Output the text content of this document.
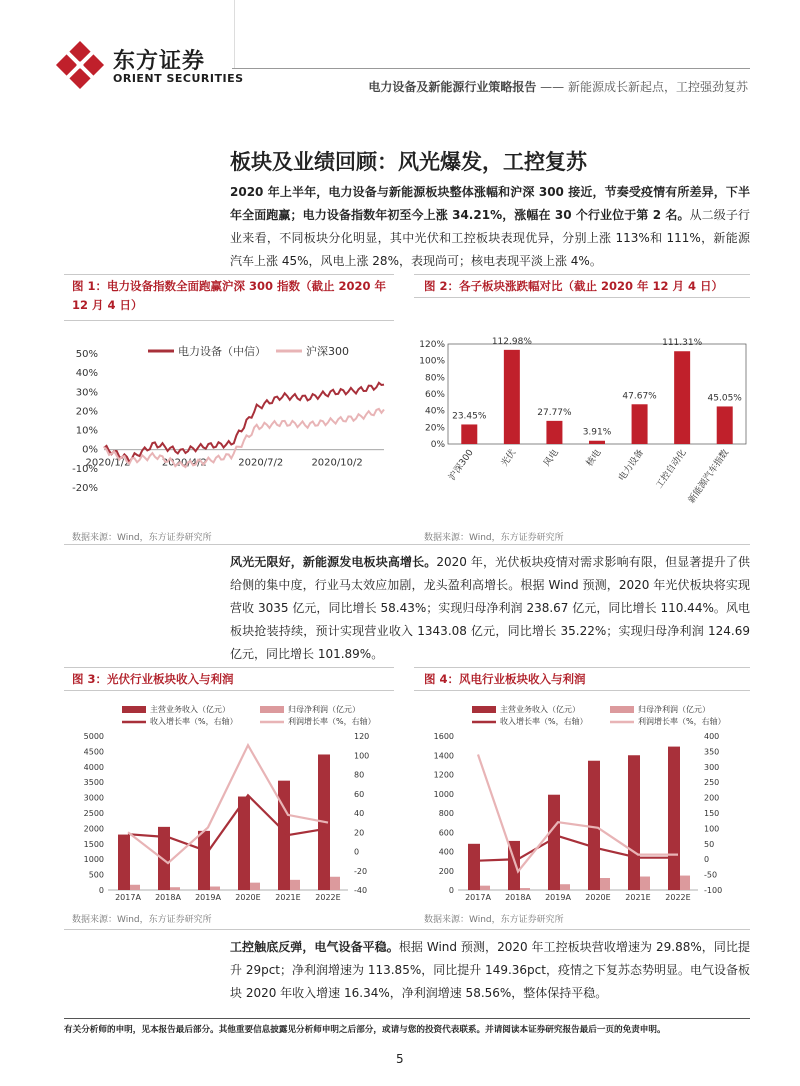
东方证券
ORIENT SECURITIES
电力设备及新能源行业策略报告 —— 新能源成长新起点，工控强劲复苏
板块及业绩回顾：风光爆发，工控复苏
2020 年上半年，电力设备与新能源板块整体涨幅和沪深 300 接近，节奏受疫情有所差异，下半年全面跑赢；电力设备指数年初至今上涨 34.21%，涨幅在 30 个行业位于第 2 名。从二级子行业来看，不同板块分化明显，其中光伏和工控板块表现优异，分别上涨 113%和 111%，新能源汽车上涨 45%，风电上涨 28%，表现尚可；核电表现平淡上涨 4%。
图 1：电力设备指数全面跑赢沪深 300 指数（截止 2020 年 12 月 4 日）
50%
40%
30%
20%
10%
0%
-10%
-20%
2020/1/2	2020/4/2	2020/7/2	2020/10/2
电力设备（中信）	沪深300
数据来源：Wind，东方证券研究所
图 2：各子板块涨跌幅对比（截止 2020 年 12 月 4 日）
120%
100%
80%
60%
40%
20%
0%
23.45%
沪深300
112.98%
光伏
27.77%
风电
3.91%
核电
47.67%
电力设备
111.31%
工控自动化
45.05%
新能源汽车指数
数据来源：Wind，东方证券研究所
风光无限好，新能源发电板块高增长。2020 年，光伏板块疫情对需求影响有限，但显著提升了供给侧的集中度，行业马太效应加剧，龙头盈利高增长。根据 Wind 预测，2020 年光伏板块将实现营收 3035 亿元，同比增长 58.43%；实现归母净利润 238.67 亿元，同比增长 110.44%。风电板块抢装持续，预计实现营业收入 1343.08 亿元，同比增长 35.22%；实现归母净利润 124.69 亿元，同比增长 101.89%。
图 3：光伏行业板块收入与利润
主营业务收入（亿元）	归母净利润（亿元）
收入增长率（%，右轴）	利润增长率（%，右轴）
5000
4500
4000
3500
3000
2500
2000
1500
1000
500
0
120
100
80
60
40
20
0
-20
-40
2017A 2018A 2019A 2020E 2021E 2022E
数据来源：Wind，东方证券研究所
图 4：风电行业板块收入与利润
主营业务收入（亿元）	归母净利润（亿元）
收入增长率（%，右轴）	利润增长率（%，右轴）
1600
1400
1200
1000
800
600
400
200
0
400
350
300
250
200
150
100
50
0
-50
-100
2017A 2018A 2019A 2020E 2021E 2022E
数据来源：Wind，东方证券研究所
工控触底反弹，电气设备平稳。根据 Wind 预测，2020 年工控板块营收增速为 29.88%，同比提升 29pct；净利润增速为 113.85%，同比提升 149.36pct，疫情之下复苏态势明显。电气设备板块 2020 年收入增速 16.34%，净利润增速 58.56%，整体保持平稳。
有关分析师的申明，见本报告最后部分。其他重要信息披露见分析师申明之后部分，或请与您的投资代表联系。并请阅读本证券研究报告最后一页的免责申明。
5
